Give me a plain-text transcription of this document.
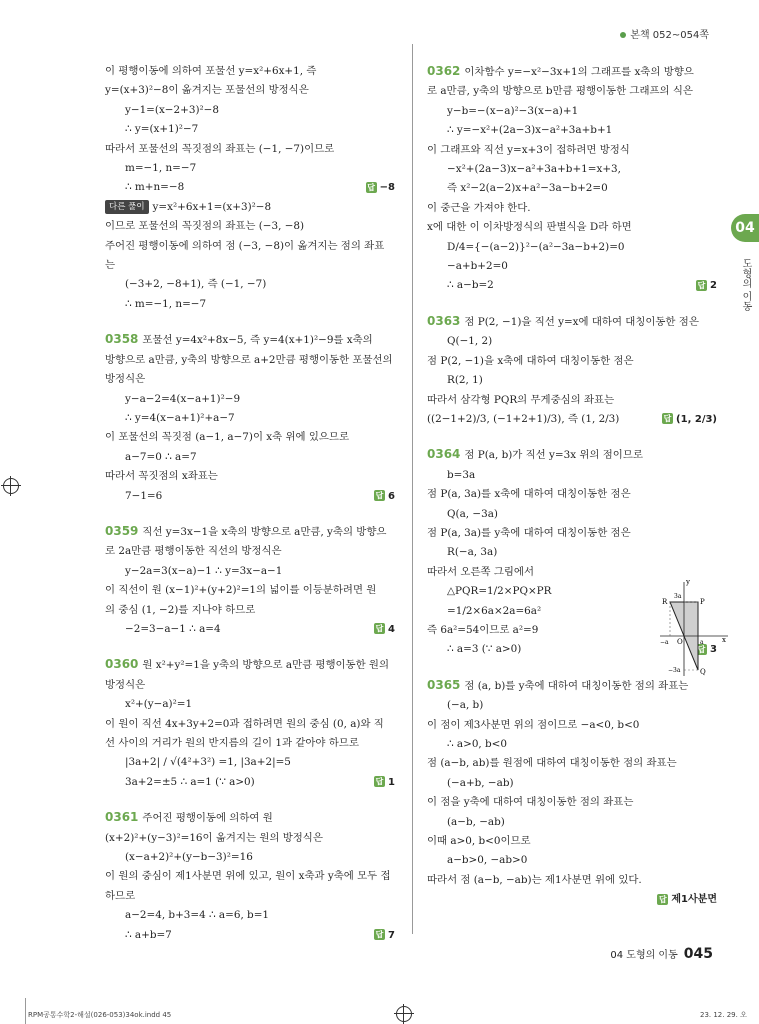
본책 052~054쪽
04
도형의 이동

이 평행이동에 의하여 포물선 y=x²+6x+1, 즉

y=(x+3)²−8이 옮겨지는 포물선의 방정식은

y−1=(x−2+3)²−8

∴ y=(x+1)²−7

따라서 포물선의 꼭짓점의 좌표는 (−1, −7)이므로

m=−1, n=−7

∴ m+n=−8	답 −8

다른 풀이 y=x²+6x+1=(x+3)²−8

이므로 포물선의 꼭짓점의 좌표는 (−3, −8)

주어진 평행이동에 의하여 점 (−3, −8)이 옮겨지는 점의 좌표

는

(−3+2, −8+1), 즉 (−1, −7)

∴ m=−1, n=−7

0358 포물선 y=4x²+8x−5, 즉 y=4(x+1)²−9를 x축의

방향으로 a만큼, y축의 방향으로 a+2만큼 평행이동한 포물선의

방정식은

y−a−2=4(x−a+1)²−9

∴ y=4(x−a+1)²+a−7

이 포물선의 꼭짓점 (a−1, a−7)이 x축 위에 있으므로

a−7=0 ∴ a=7

따라서 꼭짓점의 x좌표는

7−1=6	답 6

0359 직선 y=3x−1을 x축의 방향으로 a만큼, y축의 방향으

로 2a만큼 평행이동한 직선의 방정식은

y−2a=3(x−a)−1 ∴ y=3x−a−1

이 직선이 원 (x−1)²+(y+2)²=1의 넓이를 이등분하려면 원

의 중심 (1, −2)를 지나야 하므로

−2=3−a−1 ∴ a=4	답 4

0360 원 x²+y²=1을 y축의 방향으로 a만큼 평행이동한 원의

방정식은

x²+(y−a)²=1

이 원이 직선 4x+3y+2=0과 접하려면 원의 중심 (0, a)와 직

선 사이의 거리가 원의 반지름의 길이 1과 같아야 하므로

|3a+2| / √(4²+3²) =1, |3a+2|=5

3a+2=±5 ∴ a=1 (∵ a>0)	답 1

0361 주어진 평행이동에 의하여 원

(x+2)²+(y−3)²=16이 옮겨지는 원의 방정식은

(x−a+2)²+(y−b−3)²=16

이 원의 중심이 제1사분면 위에 있고, 원이 x축과 y축에 모두 접

하므로

a−2=4, b+3=4 ∴ a=6, b=1

∴ a+b=7	답 7

0362 이차함수 y=−x²−3x+1의 그래프를 x축의 방향으

로 a만큼, y축의 방향으로 b만큼 평행이동한 그래프의 식은

y−b=−(x−a)²−3(x−a)+1

∴ y=−x²+(2a−3)x−a²+3a+b+1

이 그래프와 직선 y=x+3이 접하려면 방정식

−x²+(2a−3)x−a²+3a+b+1=x+3,

즉 x²−2(a−2)x+a²−3a−b+2=0

이 중근을 가져야 한다.

x에 대한 이 이차방정식의 판별식을 D라 하면

D/4={−(a−2)}²−(a²−3a−b+2)=0

−a+b+2=0

∴ a−b=2	답 2

0363 점 P(2, −1)을 직선 y=x에 대하여 대칭이동한 점은

Q(−1, 2)

점 P(2, −1)을 x축에 대하여 대칭이동한 점은

R(2, 1)

따라서 삼각형 PQR의 무게중심의 좌표는

((2−1+2)/3, (−1+2+1)/3), 즉 (1, 2/3)	답 (1, 2/3)

0364 점 P(a, b)가 직선 y=3x 위의 점이므로

b=3a

점 P(a, 3a)를 x축에 대하여 대칭이동한 점은

Q(a, −3a)

점 P(a, 3a)를 y축에 대하여 대칭이동한 점은

R(−a, 3a)

따라서 오른쪽 그림에서

△PQR=1/2×PQ×PR

=1/2×6a×2a=6a²

즉 6a²=54이므로 a²=9

∴ a=3 (∵ a>0)	답 3

0365 점 (a, b)를 y축에 대하여 대칭이동한 점의 좌표는

(−a, b)

이 점이 제3사분면 위의 점이므로 −a<0, b<0

∴ a>0, b<0

점 (a−b, ab)를 원점에 대하여 대칭이동한 점의 좌표는

(−a+b, −ab)

이 점을 y축에 대하여 대칭이동한 점의 좌표는

(a−b, −ab)

이때 a>0, b<0이므로

a−b>0, −ab>0

따라서 점 (a−b, −ab)는 제1사분면 위에 있다.

답 제1사분면

y
x
R	P
Q
O
3a
−a	a
−3a
04 도형의 이동 045
RPM공통수학2-해설(026-053)34ok.indd 45	23. 12. 29. 오
